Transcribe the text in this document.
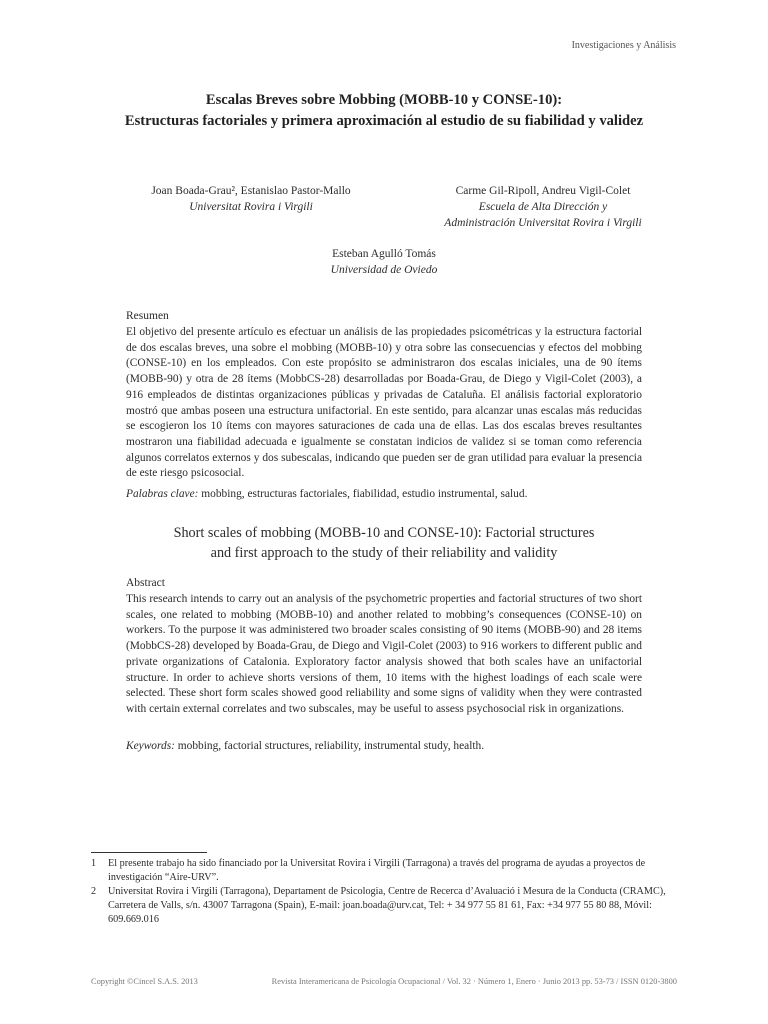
Investigaciones y Análisis
Escalas Breves sobre Mobbing (MOBB-10 y CONSE-10):
Estructuras factoriales y primera aproximación al estudio de su fiabilidad y validez
Joan Boada-Grau², Estanislao Pastor-Mallo
Universitat Rovira i Virgili
Carme Gil-Ripoll, Andreu Vigil-Colet
Escuela de Alta Dirección y
Administración Universitat Rovira i Virgili
Esteban Agulló Tomás
Universidad de Oviedo
Resumen
El objetivo del presente artículo es efectuar un análisis de las propiedades psicométricas y la estructura factorial de dos escalas breves, una sobre el mobbing (MOBB-10) y otra sobre las consecuencias y efectos del mobbing (CONSE-10) en los empleados. Con este propósito se administraron dos escalas iniciales, una de 90 ítems (MOBB-90) y otra de 28 ítems (MobbCS-28) desarrolladas por Boada-Grau, de Diego y Vigil-Colet (2003), a 916 empleados de distintas organizaciones públicas y privadas de Cataluña. El análisis factorial exploratorio mostró que ambas poseen una estructura unifactorial. En este sentido, para alcanzar unas escalas más reducidas se escogieron los 10 ítems con mayores saturaciones de cada una de ellas. Las dos escalas breves resultantes mostraron una fiabilidad adecuada e igualmente se constatan indicios de validez si se toman como referencia algunos correlatos externos y dos subescalas, indicando que pueden ser de gran utilidad para evaluar la presencia de este riesgo psicosocial.
Palabras clave: mobbing, estructuras factoriales, fiabilidad, estudio instrumental, salud.
Short scales of mobbing (MOBB-10 and CONSE-10): Factorial structures
and first approach to the study of their reliability and validity
Abstract
This research intends to carry out an analysis of the psychometric properties and factorial structures of two short scales, one related to mobbing (MOBB-10) and another related to mobbing’s consequences (CONSE-10) on workers. To the purpose it was administered two broader scales consisting of 90 items (MOBB-90) and 28 items (MobbCS-28) developed by Boada-Grau, de Diego and Vigil-Colet (2003) to 916 workers to different public and private organizations of Catalonia. Exploratory factor analysis showed that both scales have an unifactorial structure. In order to achieve shorts versions of them, 10 items with the highest loadings of each scale were selected. These short form scales showed good reliability and some signs of validity when they were contrasted with certain external correlates and two subscales, may be useful to assess psychosocial risk in organizations.
Keywords: mobbing, factorial structures, reliability, instrumental study, health.
1 El presente trabajo ha sido financiado por la Universitat Rovira i Virgili (Tarragona) a través del programa de ayudas a proyectos de investigación “Aire-URV”.
2 Universitat Rovira i Virgili (Tarragona), Departament de Psicologia, Centre de Recerca d’Avaluació i Mesura de la Conducta (CRAMC), Carretera de Valls, s/n. 43007 Tarragona (Spain), E-mail: joan.boada@urv.cat, Tel: + 34 977 55 81 61, Fax: +34 977 55 80 88, Móvil: 609.669.016
Copyright ©Cincel S.A.S. 2013	Revista Interamericana de Psicología Ocupacional / Vol. 32 · Número 1, Enero · Junio 2013 pp. 53-73 / ISSN 0120-3800
